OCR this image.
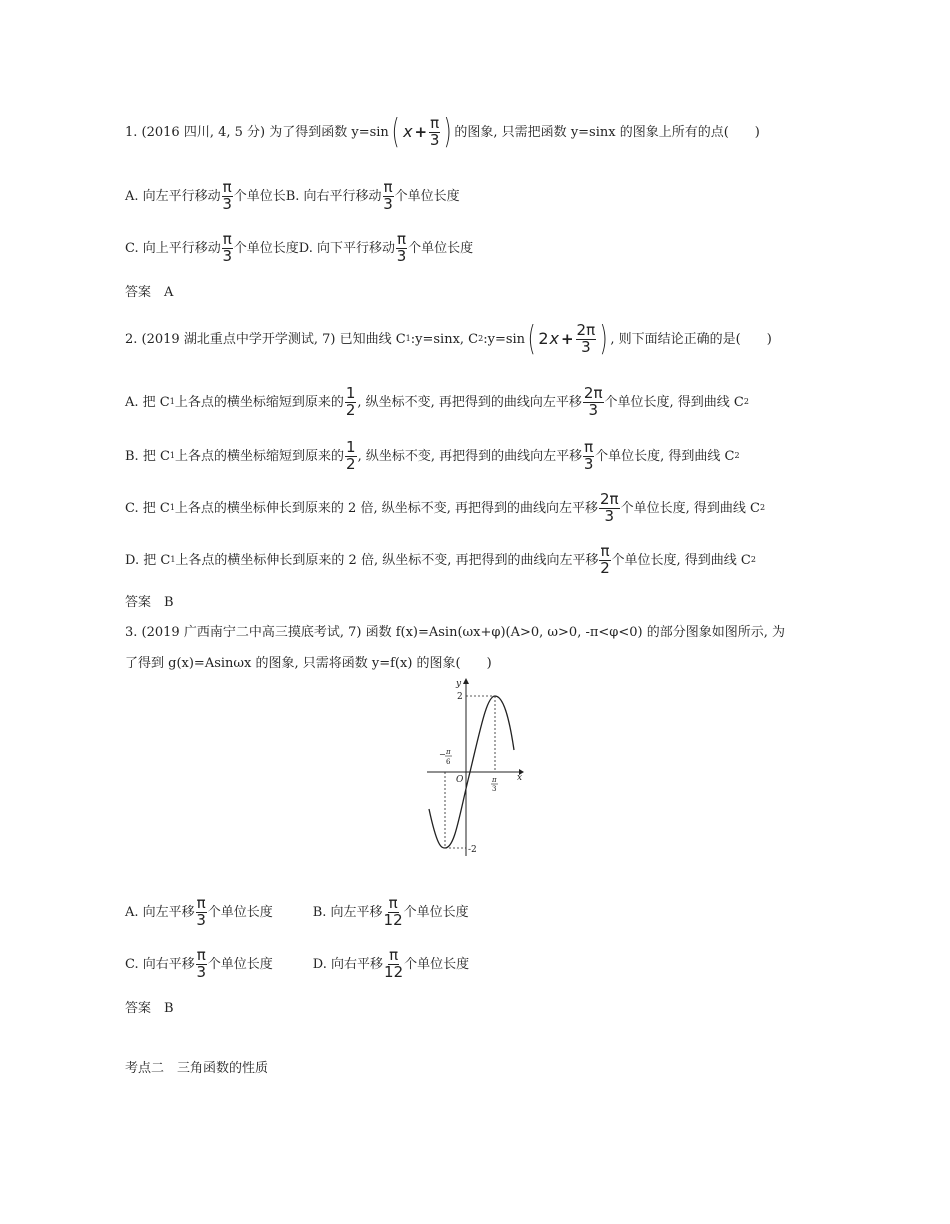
1. (2016 四川, 4, 5 分) 为了得到函数 y=sin ( $x + \frac{\pi}{3}$ ) 的图象, 只需把函数 y=sinx 的图象上所有的点(　　)
A. 向左平行移动 $\frac{\pi}{3}$ 个单位长 B. 向右平行移动 $\frac{\pi}{3}$ 个单位长度
C. 向上平行移动 $\frac{\pi}{3}$ 个单位长度 D. 向下平行移动 $\frac{\pi}{3}$ 个单位长度
答案　A
2. (2019 湖北重点中学开学测试, 7) 已知曲线 C 1 :y=sinx, C 2 :y=sin ( 2 $x + \frac{2\pi}{3}$ ) , 则下面结论正确的是(　　)
A. 把 C 1 上各点的横坐标缩短到原来的 $\frac{1}{2}$ , 纵坐标不变, 再把得到的曲线向左平移 $\frac{2\pi}{3}$ 个单位长度, 得到曲线 C 2
B. 把 C 1 上各点的横坐标缩短到原来的 $\frac{1}{2}$ , 纵坐标不变, 再把得到的曲线向左平移 $\frac{\pi}{3}$ 个单位长度, 得到曲线 C 2
C. 把 C 1 上各点的横坐标伸长到原来的 2 倍, 纵坐标不变, 再把得到的曲线向左平移 $\frac{2\pi}{3}$ 个单位长度, 得到曲线 C 2
D. 把 C 1 上各点的横坐标伸长到原来的 2 倍, 纵坐标不变, 再把得到的曲线向左平移 $\frac{\pi}{2}$ 个单位长度, 得到曲线 C 2
答案　B
3. (2019 广西南宁二中高三摸底考试, 7) 函数 f(x)=Asin(ωx+φ)(A>0, ω>0, -π<φ<0) 的部分图象如图所示, 为
了得到 g(x)=Asinωx 的图象, 只需将函数 y=f(x) 的图象(　　)
y
x
O
2
-2
− π
6
π
3
A. 向左平移 $\frac{\pi}{3}$ 个单位长度	B. 向左平移 $\frac{\pi}{12}$ 个单位长度
C. 向右平移 $\frac{\pi}{3}$ 个单位长度	D. 向右平移 $\frac{\pi}{12}$ 个单位长度
答案　B
考点二　三角函数的性质
